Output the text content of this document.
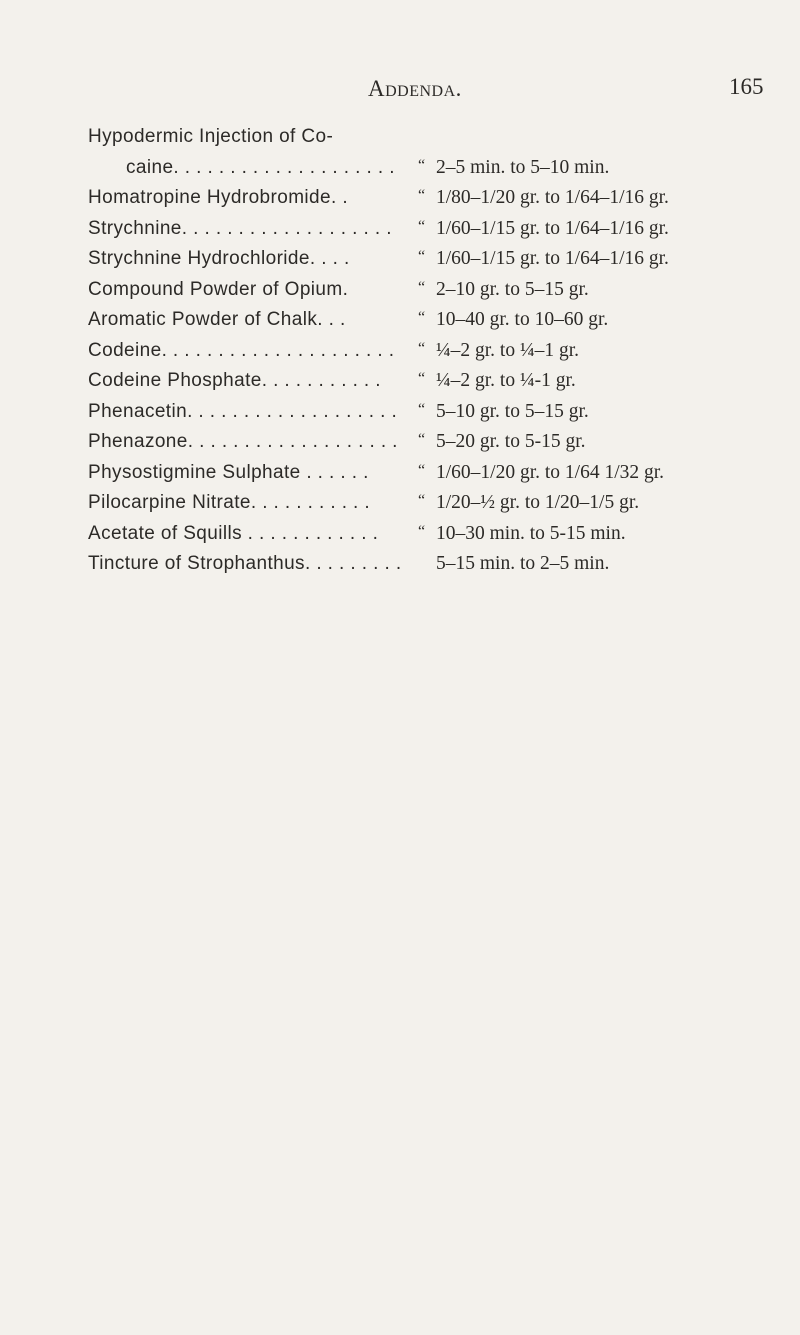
Addenda.	165
Hypodermic Injection of Co-
caine. . . . . . . . . . . . . . . . . . . . “ 2–5 min. to 5–10 min.
Homatropine Hydrobromide. .	“ 1/80–1/20 gr. to 1/64–1/16 gr.
Strychnine. . . . . . . . . . . . . . . . . . . “ 1/60–1/15 gr. to 1/64–1/16 gr.
Strychnine Hydrochloride. . . .	“ 1/60–1/15 gr. to 1/64–1/16 gr.
Compound Powder of Opium.	“ 2–10 gr. to 5–15 gr.
Aromatic Powder of Chalk. . .	“ 10–40 gr. to 10–60 gr.
Codeine. . . . . . . . . . . . . . . . . . . . . “ ¼–2 gr. to ¼–1 gr.
Codeine Phosphate. . . . . . . . . . . “ ¼–2 gr. to ¼-1 gr.
Phenacetin. . . . . . . . . . . . . . . . . . . “ 5–10 gr. to 5–15 gr.
Phenazone. . . . . . . . . . . . . . . . . . . “ 5–20 gr. to 5-15 gr.
Physostigmine Sulphate . . . . . .	“ 1/60–1/20 gr. to 1/64 1/32 gr.
Pilocarpine Nitrate. . . . . . . . . . .	“ 1/20–½ gr. to 1/20–1/5 gr.
Acetate of Squills . . . . . . . . . . . . “ 10–30 min. to 5-15 min.
Tincture of Strophanthus. . . . . . . . . 5–15 min. to 2–5 min.
